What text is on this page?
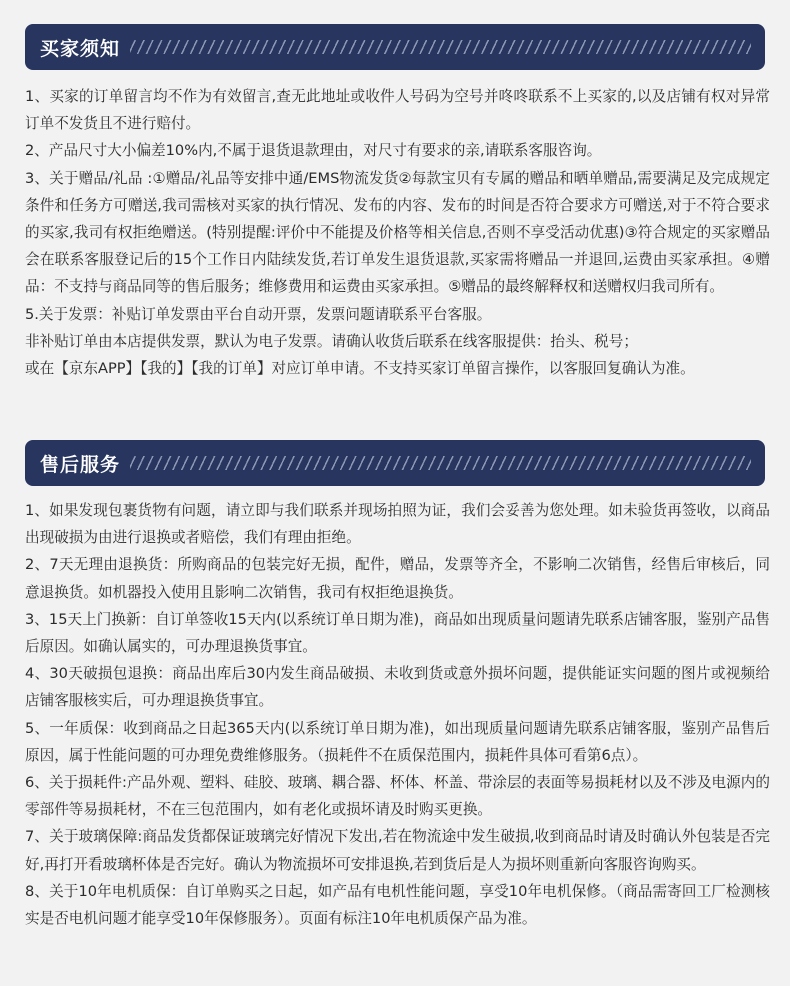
买家须知

1、买家的订单留言均不作为有效留言,查无此地址或收件人号码为空号并咚咚联系不上买家的,以及店铺有权对异常订单不发货且不进行赔付。

2、产品尺寸大小偏差10%内,不属于退货退款理由，对尺寸有要求的亲,请联系客服咨询。

3、关于赠品/礼品 :①赠品/礼品等安排中通/EMS物流发货②每款宝贝有专属的赠品和晒单赠品,需要满足及完成规定条件和任务方可赠送,我司需核对买家的执行情况、发布的内容、发布的时间是否符合要求方可赠送,对于不符合要求的买家,我司有权拒绝赠送。(特别提醒:评价中不能提及价格等相关信息,否则不享受活动优惠)③符合规定的买家赠品会在联系客服登记后的15个工作日内陆续发货,若订单发生退货退款,买家需将赠品一并退回,运费由买家承担。④赠品：不支持与商品同等的售后服务；维修费用和运费由买家承担。⑤赠品的最终解释权和送赠权归我司所有。

5.关于发票：补贴订单发票由平台自动开票，发票问题请联系平台客服。

非补贴订单由本店提供发票，默认为电子发票。请确认收货后联系在线客服提供：抬头、税号；

或在【京东APP】【我的】【我的订单】对应订单申请。不支持买家订单留言操作，以客服回复确认为准。

售后服务

1、如果发现包裹货物有问题，请立即与我们联系并现场拍照为证，我们会妥善为您处理。如未验货再签收，以商品出现破损为由进行退换或者赔偿，我们有理由拒绝。

2、7天无理由退换货：所购商品的包装完好无损，配件，赠品，发票等齐全，不影响二次销售，经售后审核后，同意退换货。如机器投入使用且影响二次销售，我司有权拒绝退换货。

3、15天上门换新：自订单签收15天内(以系统订单日期为准)，商品如出现质量问题请先联系店铺客服，鉴别产品售后原因。如确认属实的，可办理退换货事宜。

4、30天破损包退换：商品出库后30内发生商品破损、未收到货或意外损坏问题，提供能证实问题的图片或视频给店铺客服核实后，可办理退换货事宜。

5、一年质保：收到商品之日起365天内(以系统订单日期为准)，如出现质量问题请先联系店铺客服，鉴别产品售后原因，属于性能问题的可办理免费维修服务。（损耗件不在质保范围内，损耗件具体可看第6点）。

6、关于损耗件:产品外观、塑料、硅胶、玻璃、耦合器、杯体、杯盖、带涂层的表面等易损耗材以及不涉及电源内的零部件等易损耗材，不在三包范围内，如有老化或损坏请及时购买更换。

7、关于玻璃保障:商品发货都保证玻璃完好情况下发出,若在物流途中发生破损,收到商品时请及时确认外包装是否完好,再打开看玻璃杯体是否完好。确认为物流损坏可安排退换,若到货后是人为损坏则重新向客服咨询购买。

8、关于10年电机质保：自订单购买之日起，如产品有电机性能问题，享受10年电机保修。（商品需寄回工厂检测核实是否电机问题才能享受10年保修服务）。页面有标注10年电机质保产品为准。
